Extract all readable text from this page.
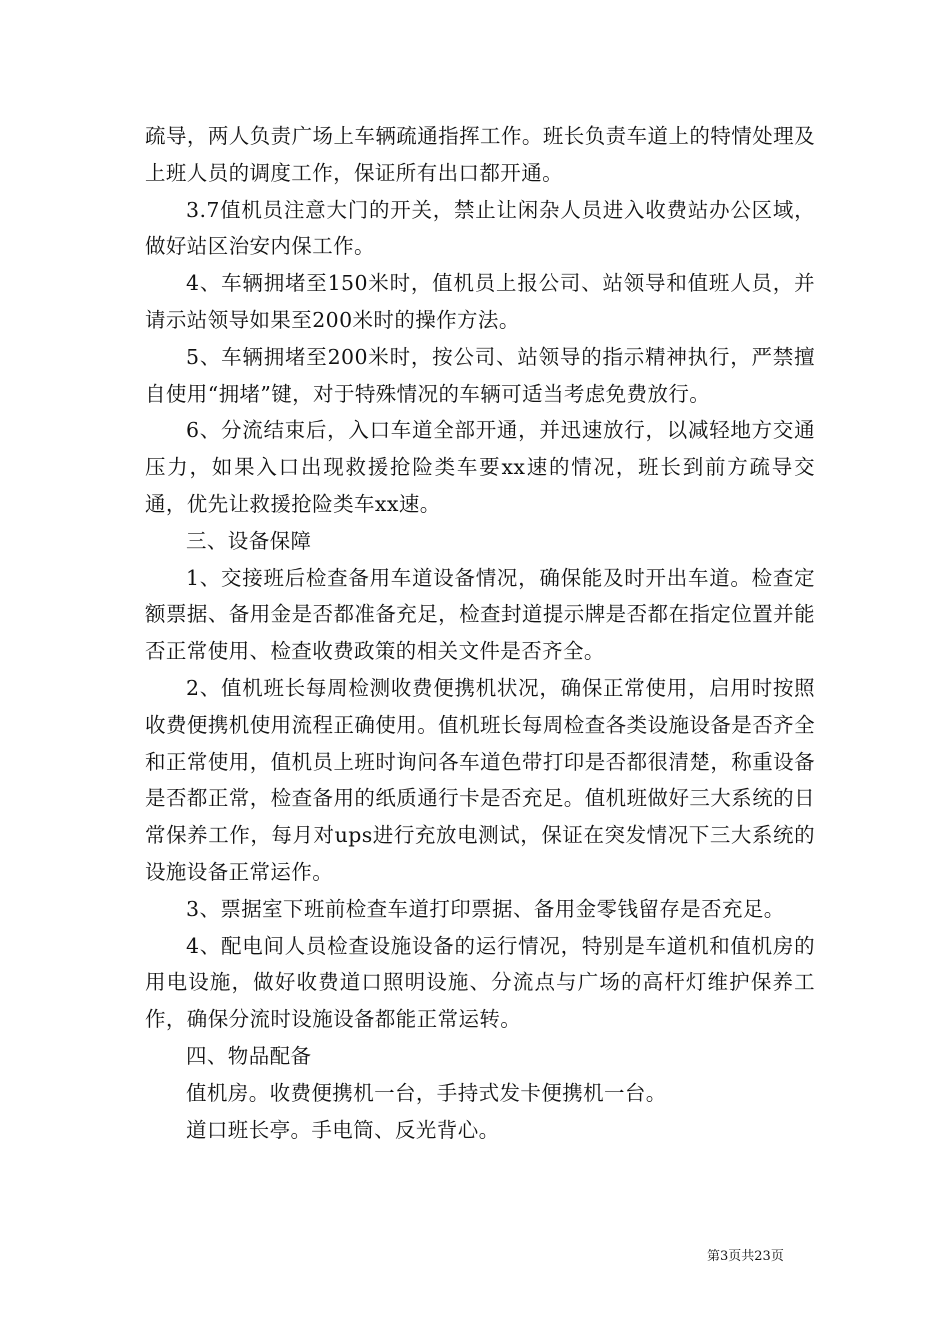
疏导，两人负责广场上车辆疏通指挥工作。班长负责车道上的特情处理及上班人员的调度工作，保证所有出口都开通。

3.7值机员注意大门的开关，禁止让闲杂人员进入收费站办公区域，做好站区治安内保工作。

4、车辆拥堵至150米时，值机员上报公司、站领导和值班人员，并请示站领导如果至200米时的操作方法。

5、车辆拥堵至200米时，按公司、站领导的指示精神执行，严禁擅自使用“拥堵”键，对于特殊情况的车辆可适当考虑免费放行。

6、分流结束后，入口车道全部开通，并迅速放行，以减轻地方交通压力，如果入口出现救援抢险类车要xx速的情况，班长到前方疏导交通，优先让救援抢险类车xx速。

三、设备保障

1、交接班后检查备用车道设备情况，确保能及时开出车道。检查定额票据、备用金是否都准备充足，检查封道提示牌是否都在指定位置并能否正常使用、检查收费政策的相关文件是否齐全。

2、值机班长每周检测收费便携机状况，确保正常使用，启用时按照收费便携机使用流程正确使用。值机班长每周检查各类设施设备是否齐全和正常使用，值机员上班时询问各车道色带打印是否都很清楚，称重设备是否都正常，检查备用的纸质通行卡是否充足。值机班做好三大系统的日常保养工作，每月对ups进行充放电测试，保证在突发情况下三大系统的设施设备正常运作。

3、票据室下班前检查车道打印票据、备用金零钱留存是否充足。

4、配电间人员检查设施设备的运行情况，特别是车道机和值机房的用电设施，做好收费道口照明设施、分流点与广场的高杆灯维护保养工作，确保分流时设施设备都能正常运转。

四、物品配备

值机房。收费便携机一台，手持式发卡便携机一台。

道口班长亭。手电筒、反光背心。

第3页共23页
